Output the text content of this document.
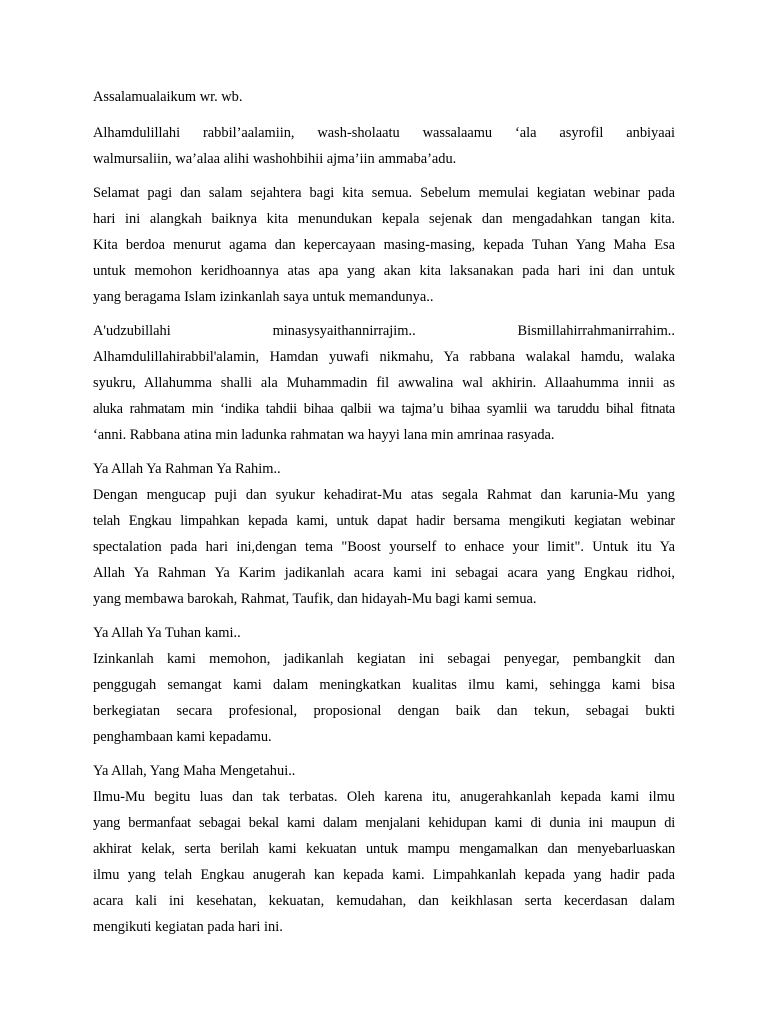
Assalamualaikum wr. wb.

Alhamdulillahi rabbil’aalamiin, wash-sholaatu wassalaamu ‘ala asyrofil anbiyaai
walmursaliin, wa’alaa alihi washohbihii ajma’iin ammaba’adu.
Selamat pagi dan salam sejahtera bagi kita semua. Sebelum memulai kegiatan webinar pada
hari ini alangkah baiknya kita menundukan kepala sejenak dan mengadahkan tangan kita.
Kita berdoa menurut agama dan kepercayaan masing-masing, kepada Tuhan Yang Maha Esa
untuk memohon keridhoannya atas apa yang akan kita laksanakan pada hari ini dan untuk
yang beragama Islam izinkanlah saya untuk memandunya..
A'udzubillahi minasysyaithannirrajim.. Bismillahirrahmanirrahim..
Alhamdulillahirabbil'alamin, Hamdan yuwafi nikmahu, Ya rabbana walakal hamdu, walaka
syukru, Allahumma shalli ala Muhammadin fil awwalina wal akhirin. Allaahumma innii as
aluka rahmatam min ‘indika tahdii bihaa qalbii wa tajma’u bihaa syamlii wa taruddu bihal fitnata
‘anni. Rabbana atina min ladunka rahmatan wa hayyi lana min amrinaa rasyada.

Ya Allah Ya Rahman Ya Rahim..

Dengan mengucap puji dan syukur kehadirat-Mu atas segala Rahmat dan karunia-Mu yang
telah Engkau limpahkan kepada kami, untuk dapat hadir bersama mengikuti kegiatan webinar
spectalation pada hari ini,dengan tema "Boost yourself to enhace your limit". Untuk itu Ya
Allah Ya Rahman Ya Karim jadikanlah acara kami ini sebagai acara yang Engkau ridhoi,
yang membawa barokah, Rahmat, Taufik, dan hidayah-Mu bagi kami semua.

Ya Allah Ya Tuhan kami..

Izinkanlah kami memohon, jadikanlah kegiatan ini sebagai penyegar, pembangkit dan
penggugah semangat kami dalam meningkatkan kualitas ilmu kami, sehingga kami bisa
berkegiatan secara profesional, proposional dengan baik dan tekun, sebagai bukti
penghambaan kami kepadamu.

Ya Allah, Yang Maha Mengetahui..

Ilmu-Mu begitu luas dan tak terbatas. Oleh karena itu, anugerahkanlah kepada kami ilmu
yang bermanfaat sebagai bekal kami dalam menjalani kehidupan kami di dunia ini maupun di
akhirat kelak, serta berilah kami kekuatan untuk mampu mengamalkan dan menyebarluaskan
ilmu yang telah Engkau anugerah kan kepada kami. Limpahkanlah kepada yang hadir pada
acara kali ini kesehatan, kekuatan, kemudahan, dan keikhlasan serta kecerdasan dalam
mengikuti kegiatan pada hari ini.
